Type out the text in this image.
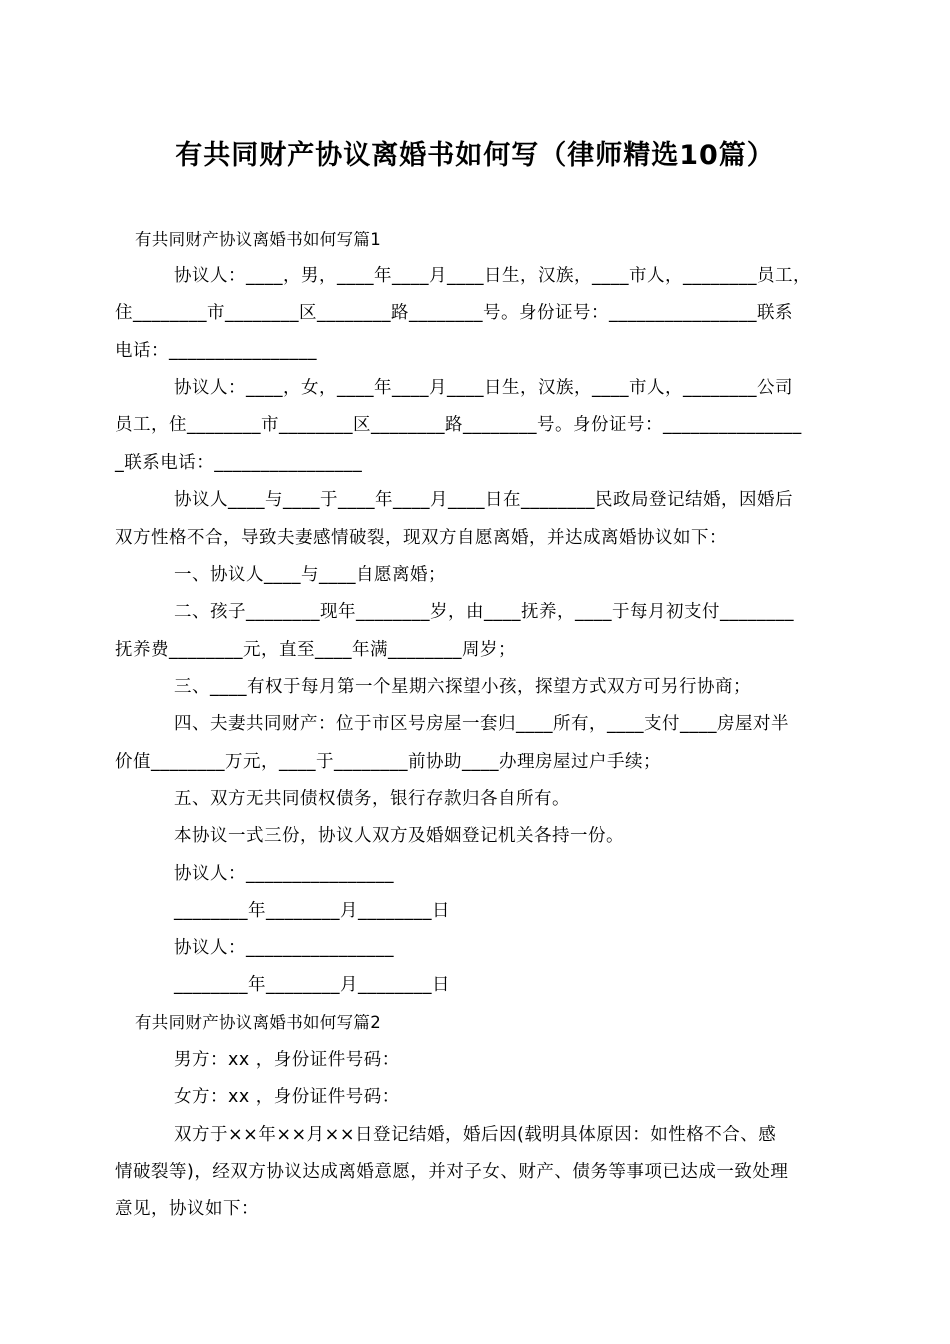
有共同财产协议离婚书如何写（律师精选10篇）
有共同财产协议离婚书如何写篇1
协议人：____，男，____年____月____日生，汉族，____市人，________员工，
住________市________区________路________号。身份证号：________________联系
电话：________________
协议人：____，女，____年____月____日生，汉族，____市人，________公司
员工，住________市________区________路________号。身份证号：_______________
_联系电话：________________
协议人____与____于____年____月____日在________民政局登记结婚，因婚后
双方性格不合，导致夫妻感情破裂，现双方自愿离婚，并达成离婚协议如下：
一、协议人____与____自愿离婚；
二、孩子________现年________岁，由____抚养，____于每月初支付________
抚养费________元，直至____年满________周岁；
三、____有权于每月第一个星期六探望小孩，探望方式双方可另行协商；
四、夫妻共同财产：位于市区号房屋一套归____所有，____支付____房屋对半
价值________万元，____于________前协助____办理房屋过户手续；
五、双方无共同债权债务，银行存款归各自所有。
本协议一式三份，协议人双方及婚姻登记机关各持一份。
协议人：________________
________年________月________日
协议人：________________
________年________月________日
有共同财产协议离婚书如何写篇2
男方：xx ，身份证件号码：
女方：xx ，身份证件号码：
双方于××年××月××日登记结婚，婚后因(载明具体原因：如性格不合、感
情破裂等)，经双方协议达成离婚意愿，并对子女、财产、债务等事项已达成一致处理
意见，协议如下：
